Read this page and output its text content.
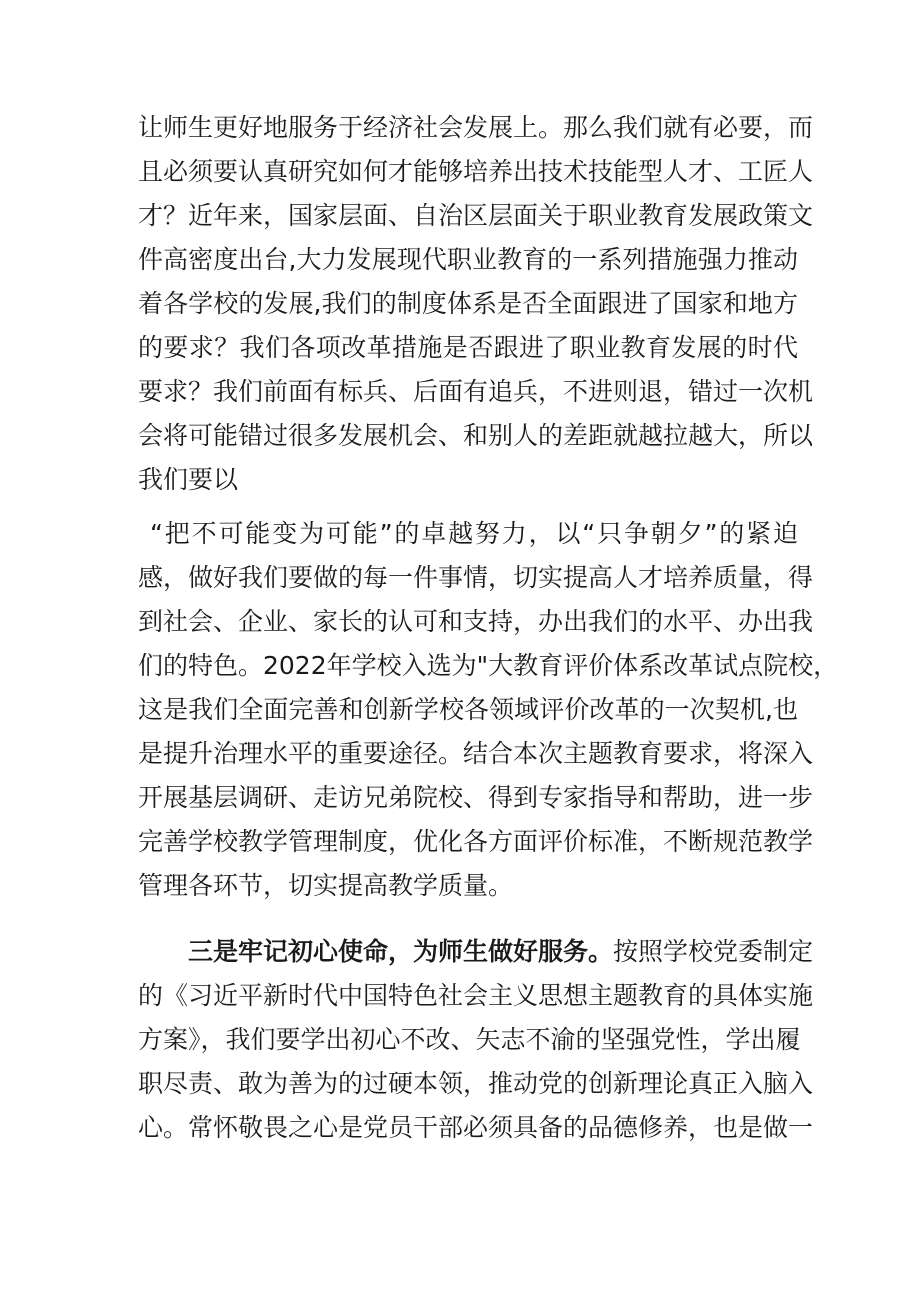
让师生更好地服务于经济社会发展上。那么我们就有必要，而
且必须要认真研究如何才能够培养出技术技能型人才、工匠人
才？近年来，国家层面、自治区层面关于职业教育发展政策文
件高密度出台,大力发展现代职业教育的一系列措施强力推动
着各学校的发展,我们的制度体系是否全面跟进了国家和地方
的要求？我们各项改革措施是否跟进了职业教育发展的时代
要求？我们前面有标兵、后面有追兵，不进则退，错过一次机
会将可能错过很多发展机会、和别人的差距就越拉越大，所以
我们要以
“把不可能变为可能”的卓越努力，以“只争朝夕”的紧迫
感，做好我们要做的每一件事情，切实提高人才培养质量，得
到社会、企业、家长的认可和支持，办出我们的水平、办出我
们的特色。2022年学校入选为"大教育评价体系改革试点院校，
这是我们全面完善和创新学校各领域评价改革的一次契机,也
是提升治理水平的重要途径。结合本次主题教育要求，将深入
开展基层调研、走访兄弟院校、得到专家指导和帮助，进一步
完善学校教学管理制度，优化各方面评价标准，不断规范教学
管理各环节，切实提高教学质量。
三是牢记初心使命，为师生做好服务。按照学校党委制定
的《习近平新时代中国特色社会主义思想主题教育的具体实施
方案》，我们要学出初心不改、矢志不渝的坚强党性，学出履
职尽责、敢为善为的过硬本领，推动党的创新理论真正入脑入
心。常怀敬畏之心是党员干部必须具备的品德修养，也是做一
